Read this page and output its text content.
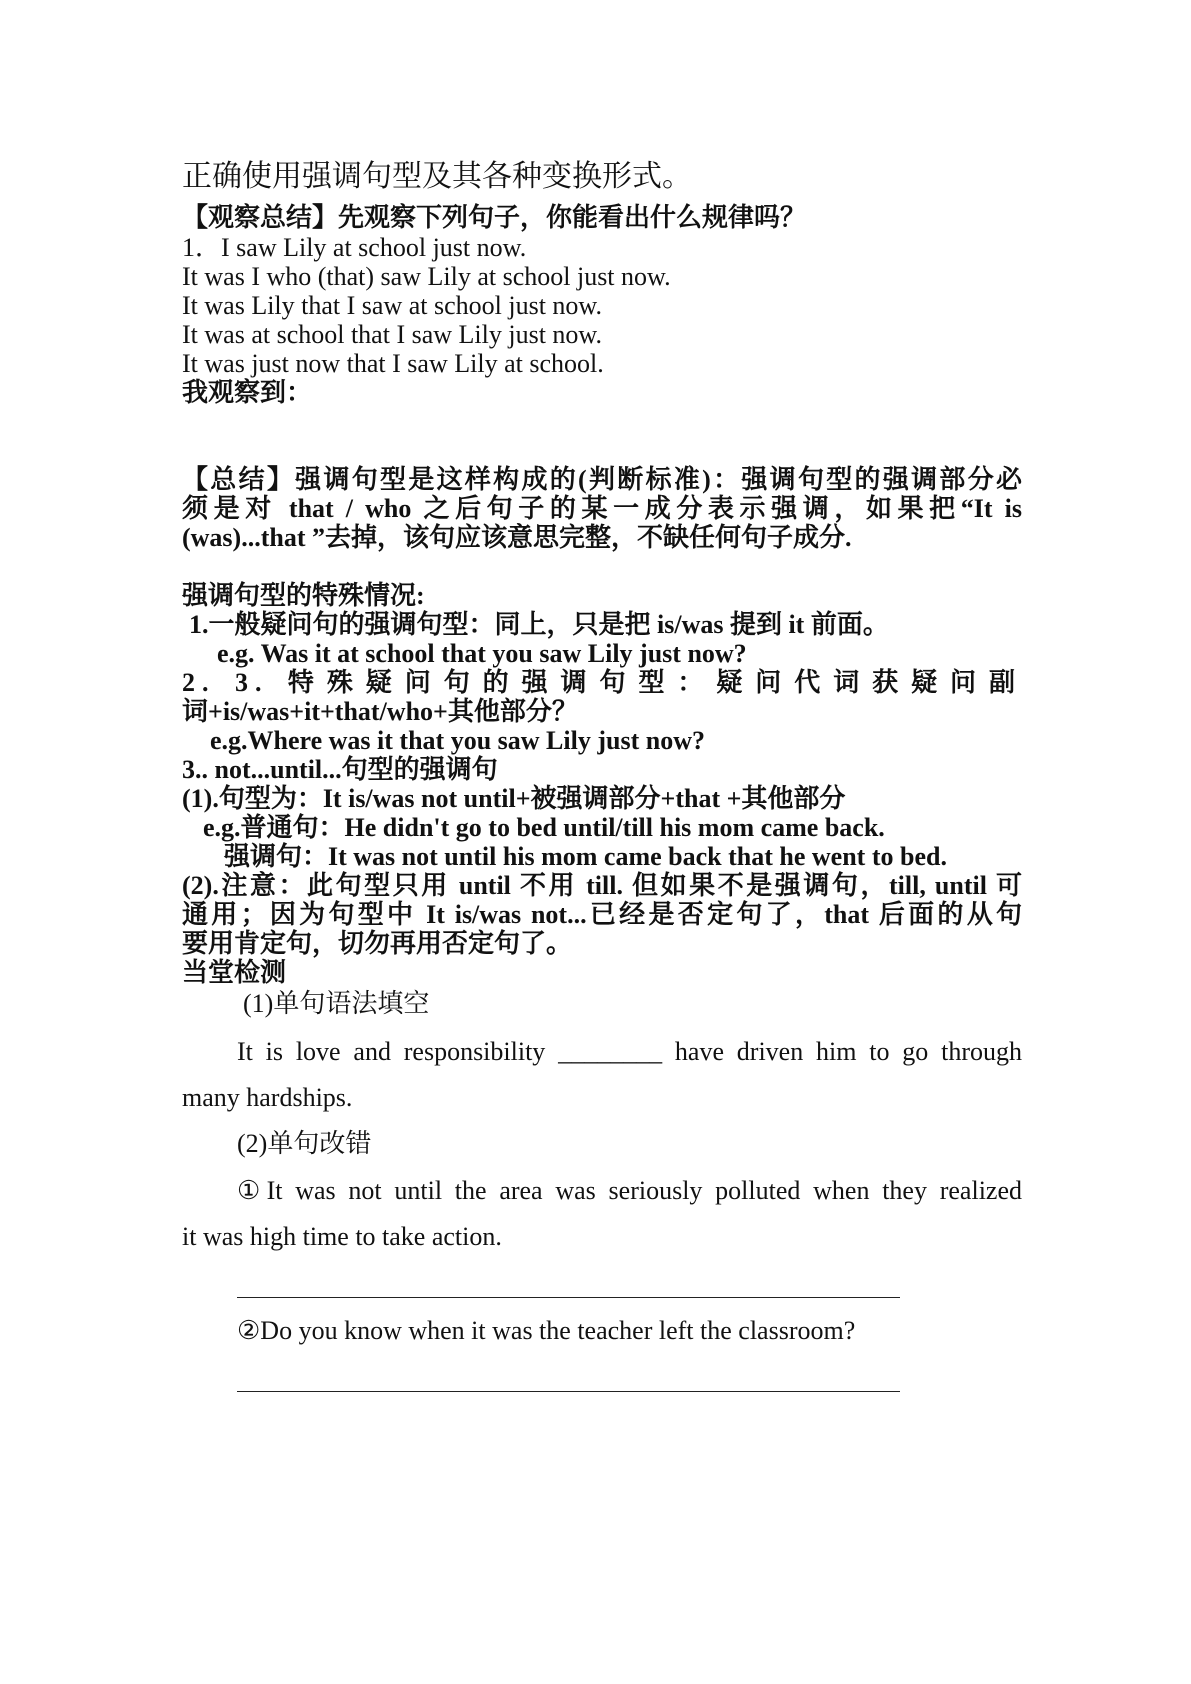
正确使用强调句型及其各种变换形式。
【观察总结】先观察下列句子，你能看出什么规律吗？
1．I saw Lily at school just now.
It was I who (that) saw Lily at school just now.
It was Lily that I saw at school just now.
It was at school that I saw Lily just now.
It was just now that I saw Lily at school.
我观察到：
【总结】强调句型是这样构成的(判断标准)：强调句型的强调部分必
须是对 that / who 之后句子的某一成分表示强调，如果把“It is
(was)...that ”去掉，该句应该意思完整，不缺任何句子成分.
强调句型的特殊情况:
1.一般疑问句的强调句型：同上，只是把 is/was 提到 it 前面。
e.g. Was it at school that you saw Lily just now?
2. 3. 特殊疑问句的强调句型：疑问代词获疑问副
词+is/was+it+that/who+其他部分？
e.g.Where was it that you saw Lily just now?
3.. not...until...句型的强调句
(1).句型为：It is/was not until+被强调部分+that +其他部分
e.g.普通句：He didn't go to bed until/till his mom came back.
强调句：It was not until his mom came back that he went to bed.
(2).注意：此句型只用 until 不用 till. 但如果不是强调句，till, until 可
通用；因为句型中 It is/was not...已经是否定句了，that 后面的从句
要用肯定句，切勿再用否定句了。
当堂检测
(1)单句语法填空
It is love and responsibility ________ have driven him to go through
many hardships.
(2)单句改错
①It was not until the area was seriously polluted when they realized
it was high time to take action.
②Do you know when it was the teacher left the classroom?
